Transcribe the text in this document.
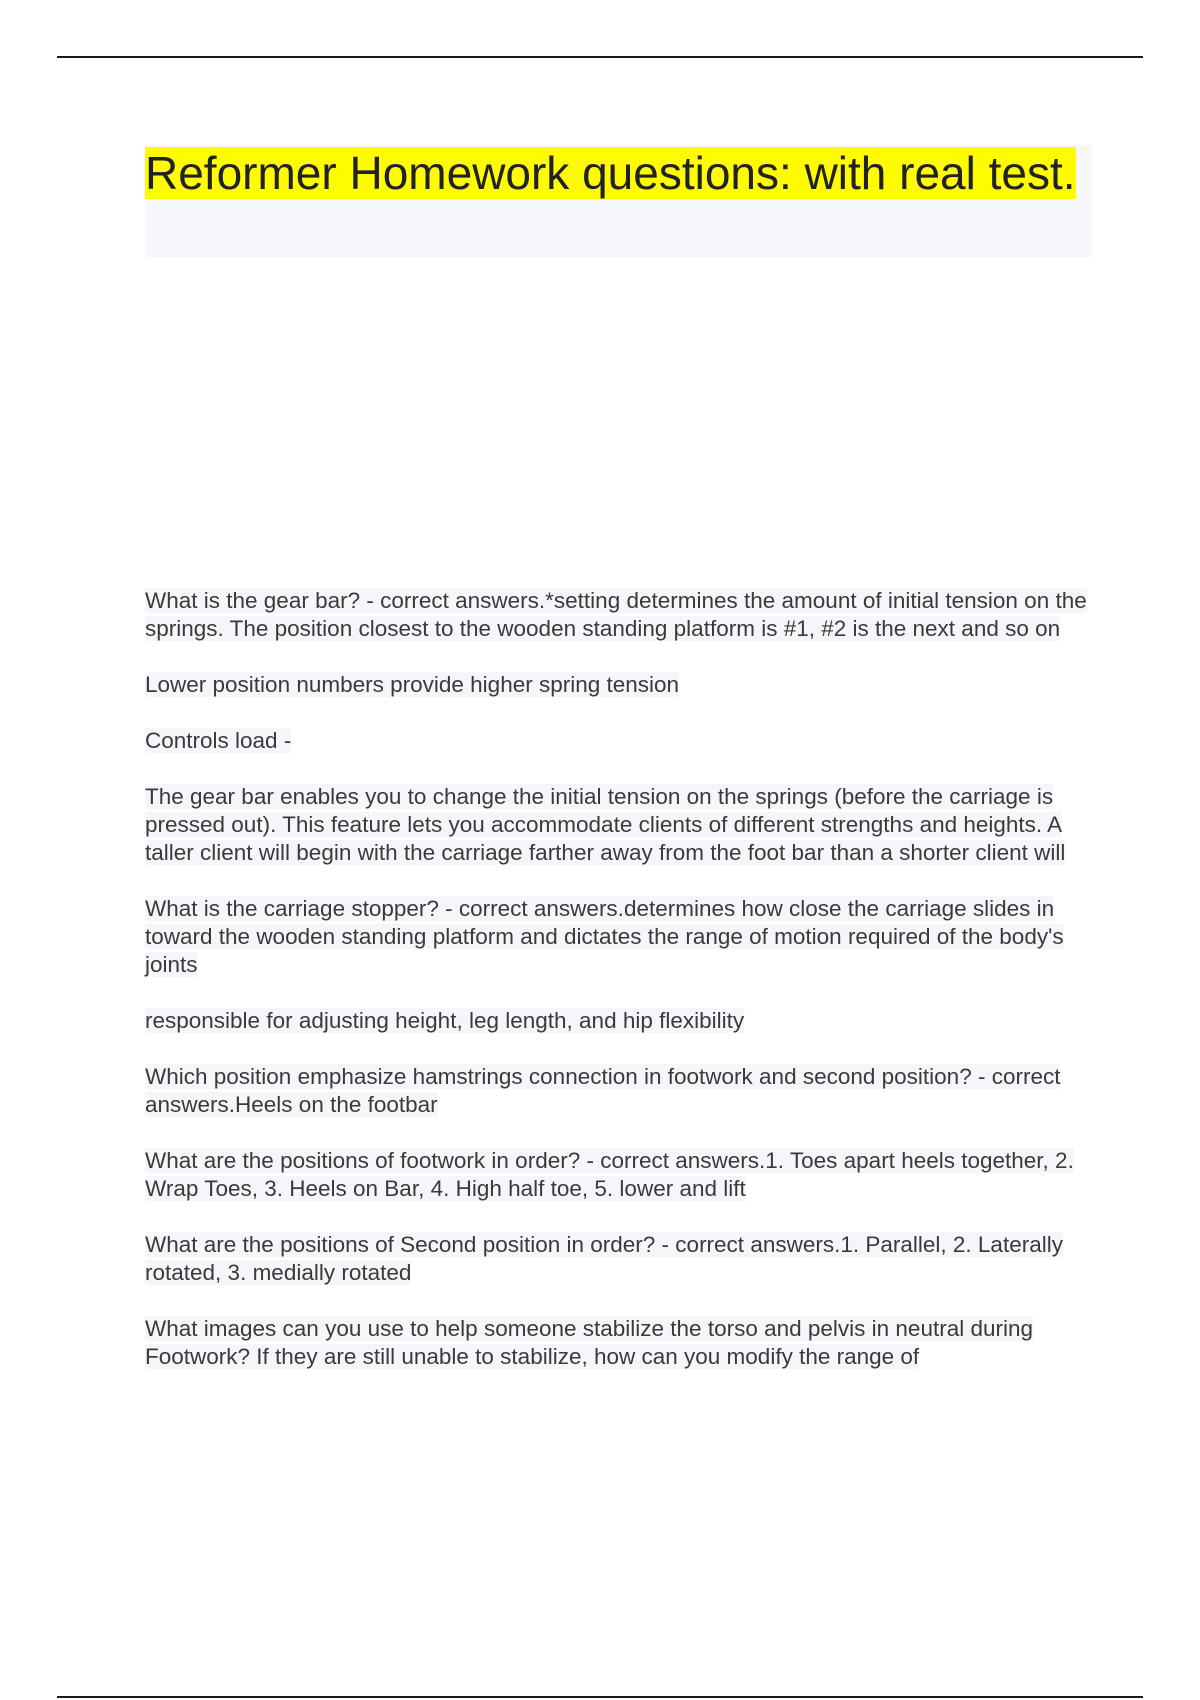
Reformer Homework questions: with real test.

What is the gear bar? - correct answers.*setting determines the amount of initial tension on the springs. The position closest to the wooden standing platform is #1, #2 is the next and so on

Lower position numbers provide higher spring tension

Controls load -

The gear bar enables you to change the initial tension on the springs (before the carriage is pressed out). This feature lets you accommodate clients of different strengths and heights. A taller client will begin with the carriage farther away from the foot bar than a shorter client will

What is the carriage stopper? - correct answers.determines how close the carriage slides in toward the wooden standing platform and dictates the range of motion required of the body's joints

responsible for adjusting height, leg length, and hip flexibility

Which position emphasize hamstrings connection in footwork and second position? - correct answers.Heels on the footbar

What are the positions of footwork in order? - correct answers.1. Toes apart heels together, 2. Wrap Toes, 3. Heels on Bar, 4. High half toe, 5. lower and lift

What are the positions of Second position in order? - correct answers.1. Parallel, 2. Laterally rotated, 3. medially rotated

What images can you use to help someone stabilize the torso and pelvis in neutral during Footwork? If they are still unable to stabilize, how can you modify the range of
